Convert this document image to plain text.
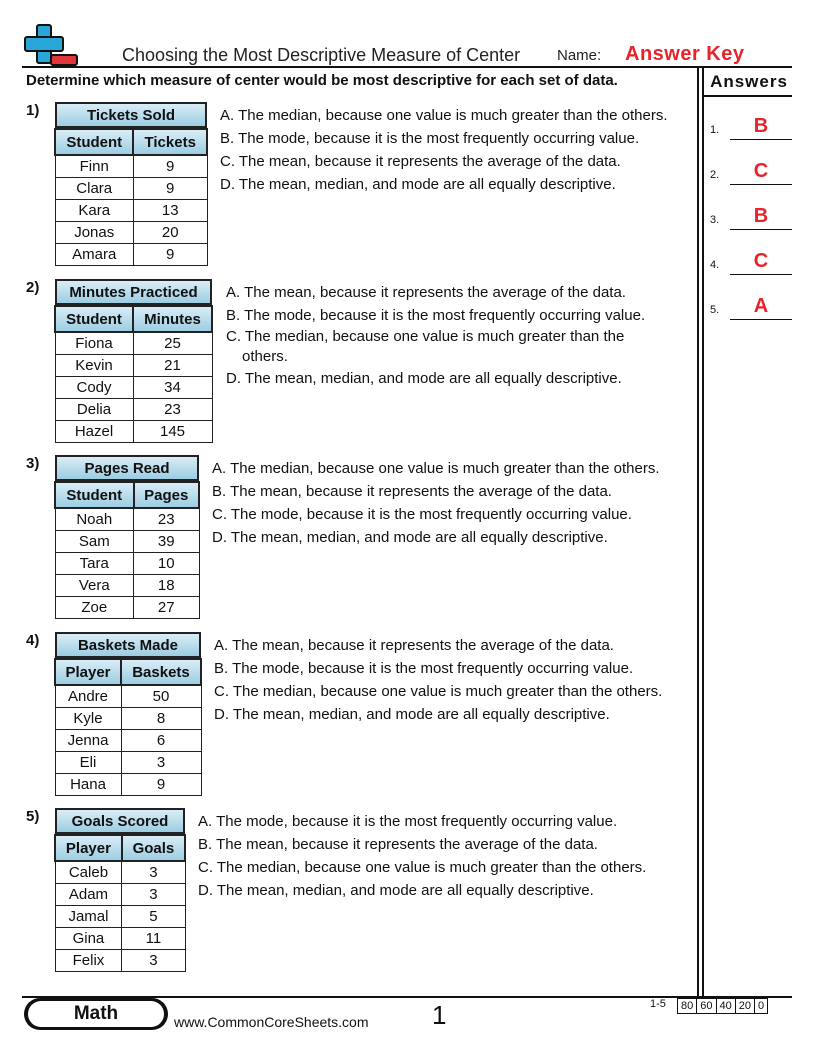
Choosing the Most Descriptive Measure of Center Name: Answer Key
Determine which measure of center would be most descriptive for each set of data.	Answers
1.	B
2.	C
3.	B
4.	C
5.	A
1)	Tickets Sold	

Student	Tickets
Finn	9
Clara	9
Kara	13
Jonas	20
Amara	9
A. The median, because one value is much greater than the others.
B. The mode, because it is the most frequently occurring value.
C. The mean, because it represents the average of the data.
D. The mean, median, and mode are all equally descriptive.
2)	Minutes Practiced	

Student	Minutes
Fiona	25
Kevin	21
Cody	34
Delia	23
Hazel	145
A. The mean, because it represents the average of the data.
B. The mode, because it is the most frequently occurring value.
C. The median, because one value is much greater than the
others.
D. The mean, median, and mode are all equally descriptive.
3)	Pages Read	

Student	Pages
Noah	23
Sam	39
Tara	10
Vera	18
Zoe	27
A. The median, because one value is much greater than the others.
B. The mean, because it represents the average of the data.
C. The mode, because it is the most frequently occurring value.
D. The mean, median, and mode are all equally descriptive.
4)	Baskets Made	

Player	Baskets
Andre	50
Kyle	8
Jenna	6
Eli	3
Hana	9
A. The mean, because it represents the average of the data.
B. The mode, because it is the most frequently occurring value.
C. The median, because one value is much greater than the others.
D. The mean, median, and mode are all equally descriptive.
5)	Goals Scored	

Player	Goals
Caleb	3
Adam	3
Jamal	5
Gina	11
Felix	3
A. The mode, because it is the most frequently occurring value.
B. The mean, because it represents the average of the data.
C. The median, because one value is much greater than the others.
D. The mean, median, and mode are all equally descriptive.
Math	www.CommonCoreSheets.com 1	1-5	80 60 40 20 0
